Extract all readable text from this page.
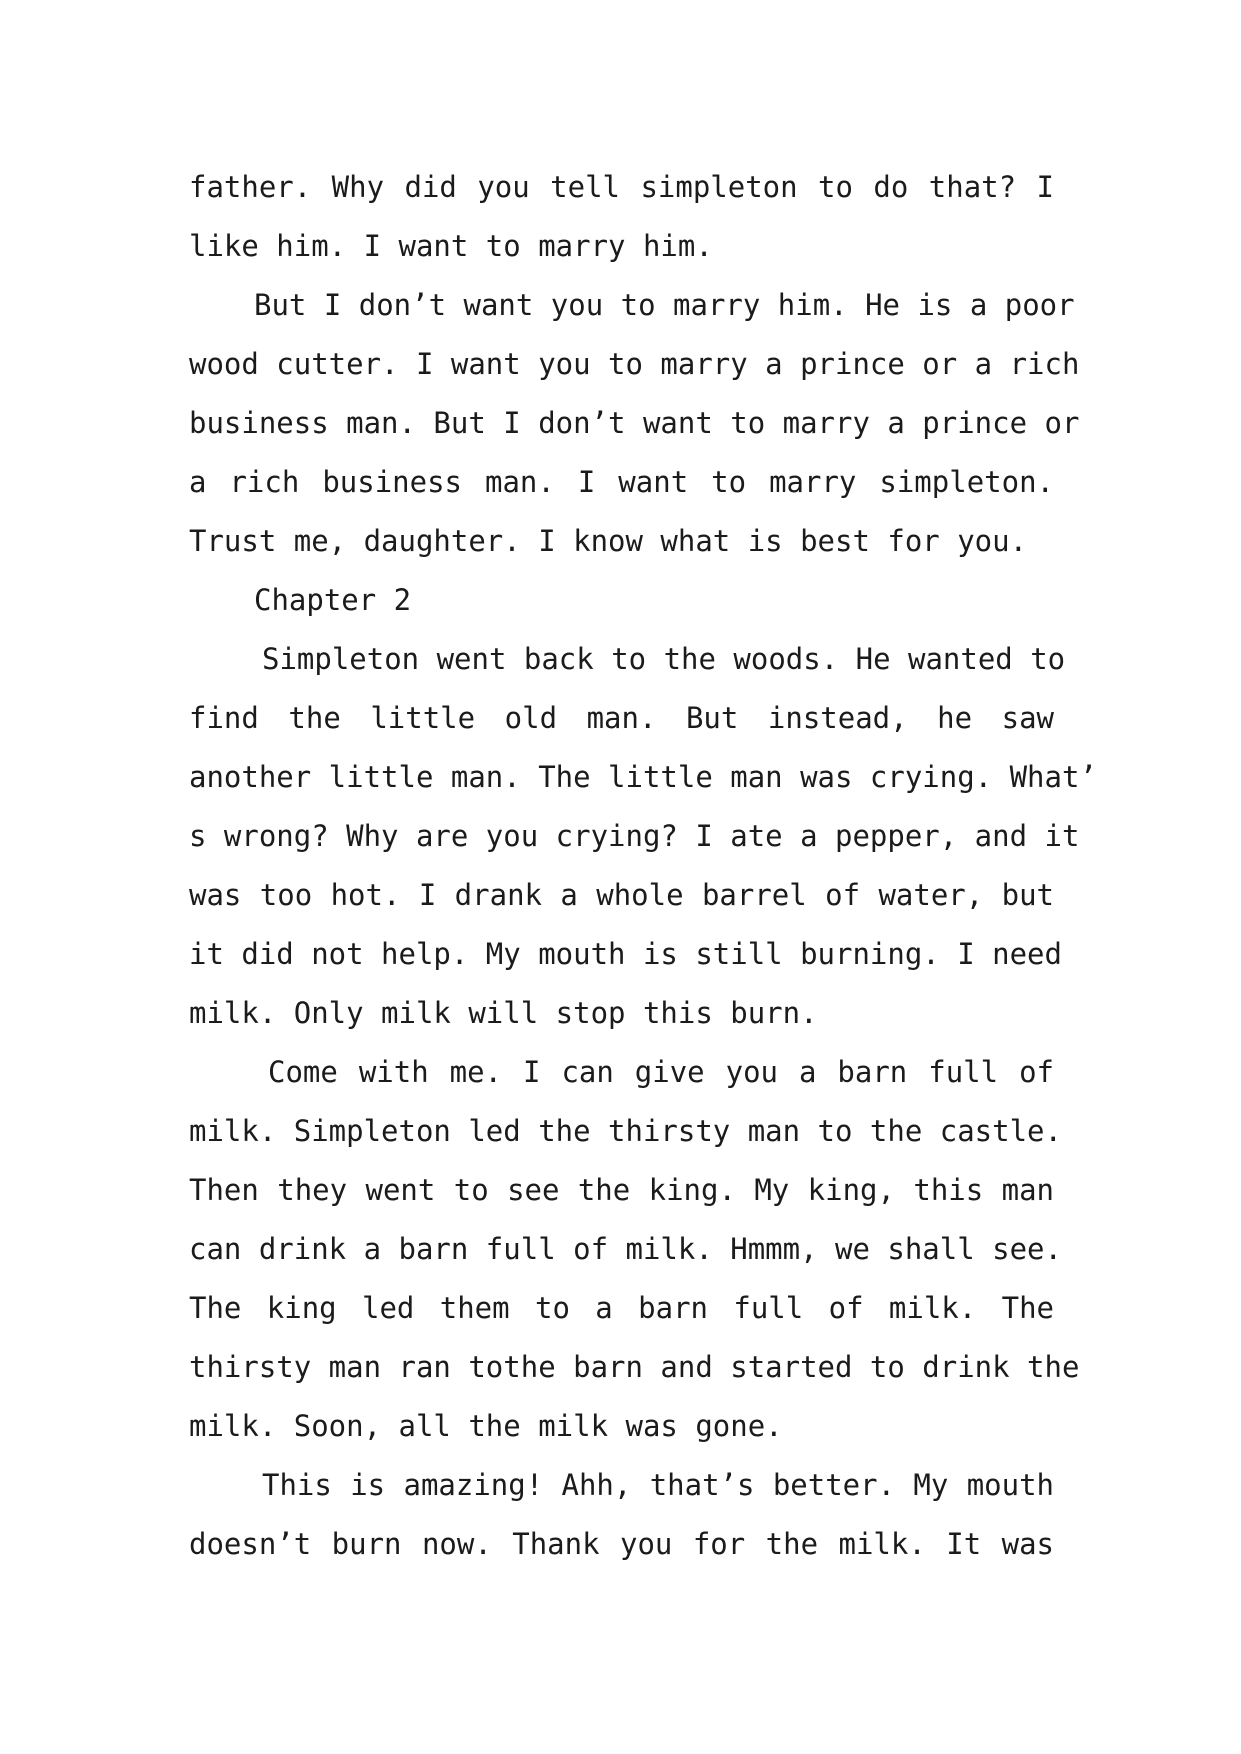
father. Why did you tell simpleton to do that? I
like him. I want to marry him.
But I don’t want you to marry him. He is a poor
wood cutter. I want you to marry a prince or a rich
business man. But I don’t want to marry a prince or
a rich business man. I want to marry simpleton.
Trust me, daughter. I know what is best for you.
Chapter 2
Simpleton went back to the woods. He wanted to
find the little old man. But instead, he saw
another little man. The little man was crying. What’
s wrong? Why are you crying? I ate a pepper, and it
was too hot. I drank a whole barrel of water, but
it did not help. My mouth is still burning. I need
milk. Only milk will stop this burn.
Come with me. I can give you a barn full of
milk. Simpleton led the thirsty man to the castle.
Then they went to see the king. My king, this man
can drink a barn full of milk. Hmmm, we shall see.
The king led them to a barn full of milk. The
thirsty man ran tothe barn and started to drink the
milk. Soon, all the milk was gone.
This is amazing! Ahh, that’s better. My mouth
doesn’t burn now. Thank you for the milk. It was
